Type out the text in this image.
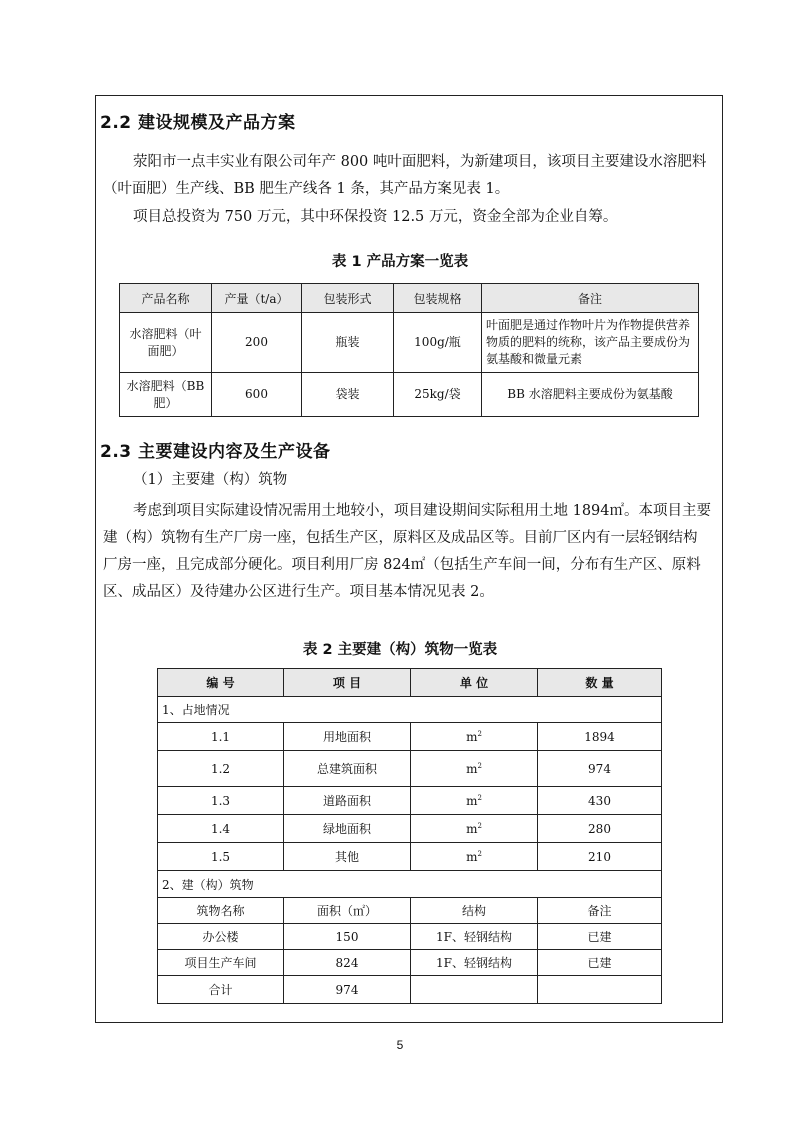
2.2 建设规模及产品方案

荥阳市一点丰实业有限公司年产 800 吨叶面肥料，为新建项目，该项目主要建设水溶肥料（叶面肥）生产线、BB 肥生产线各 1 条，其产品方案见表 1。

项目总投资为 750 万元，其中环保投资 12.5 万元，资金全部为企业自筹。

表 1 产品方案一览表
产品名称	产量（t/a）	包装形式	包装规格	备注
水溶肥料（叶面肥）	200	瓶装	100g/瓶	叶面肥是通过作物叶片为作物提供营养物质的肥料的统称，该产品主要成份为氨基酸和微量元素
水溶肥料（BB肥）	600	袋装	25kg/袋	BB 水溶肥料主要成份为氨基酸
2.3 主要建设内容及生产设备

（1）主要建（构）筑物

考虑到项目实际建设情况需用土地较小，项目建设期间实际租用土地 1894㎡。本项目主要建（构）筑物有生产厂房一座，包括生产区，原料区及成品区等。目前厂区内有一层轻钢结构厂房一座，且完成部分硬化。项目利用厂房 824㎡（包括生产车间一间，分布有生产区、原料区、成品区）及待建办公区进行生产。项目基本情况见表 2。

表 2 主要建（构）筑物一览表
编 号	项 目	单 位	数 量
1、占地情况			
1.1	用地面积	$m^2$	1894
1.2	总建筑面积	$m^2$	974
1.3	道路面积	$m^2$	430
1.4	绿地面积	$m^2$	280
1.5	其他	$m^2$	210
2、建（构）筑物			
筑物名称	面积（㎡）	结构	备注
办公楼	150	1F、轻钢结构	已建
项目生产车间	824	1F、轻钢结构	已建
合计	974		
5
